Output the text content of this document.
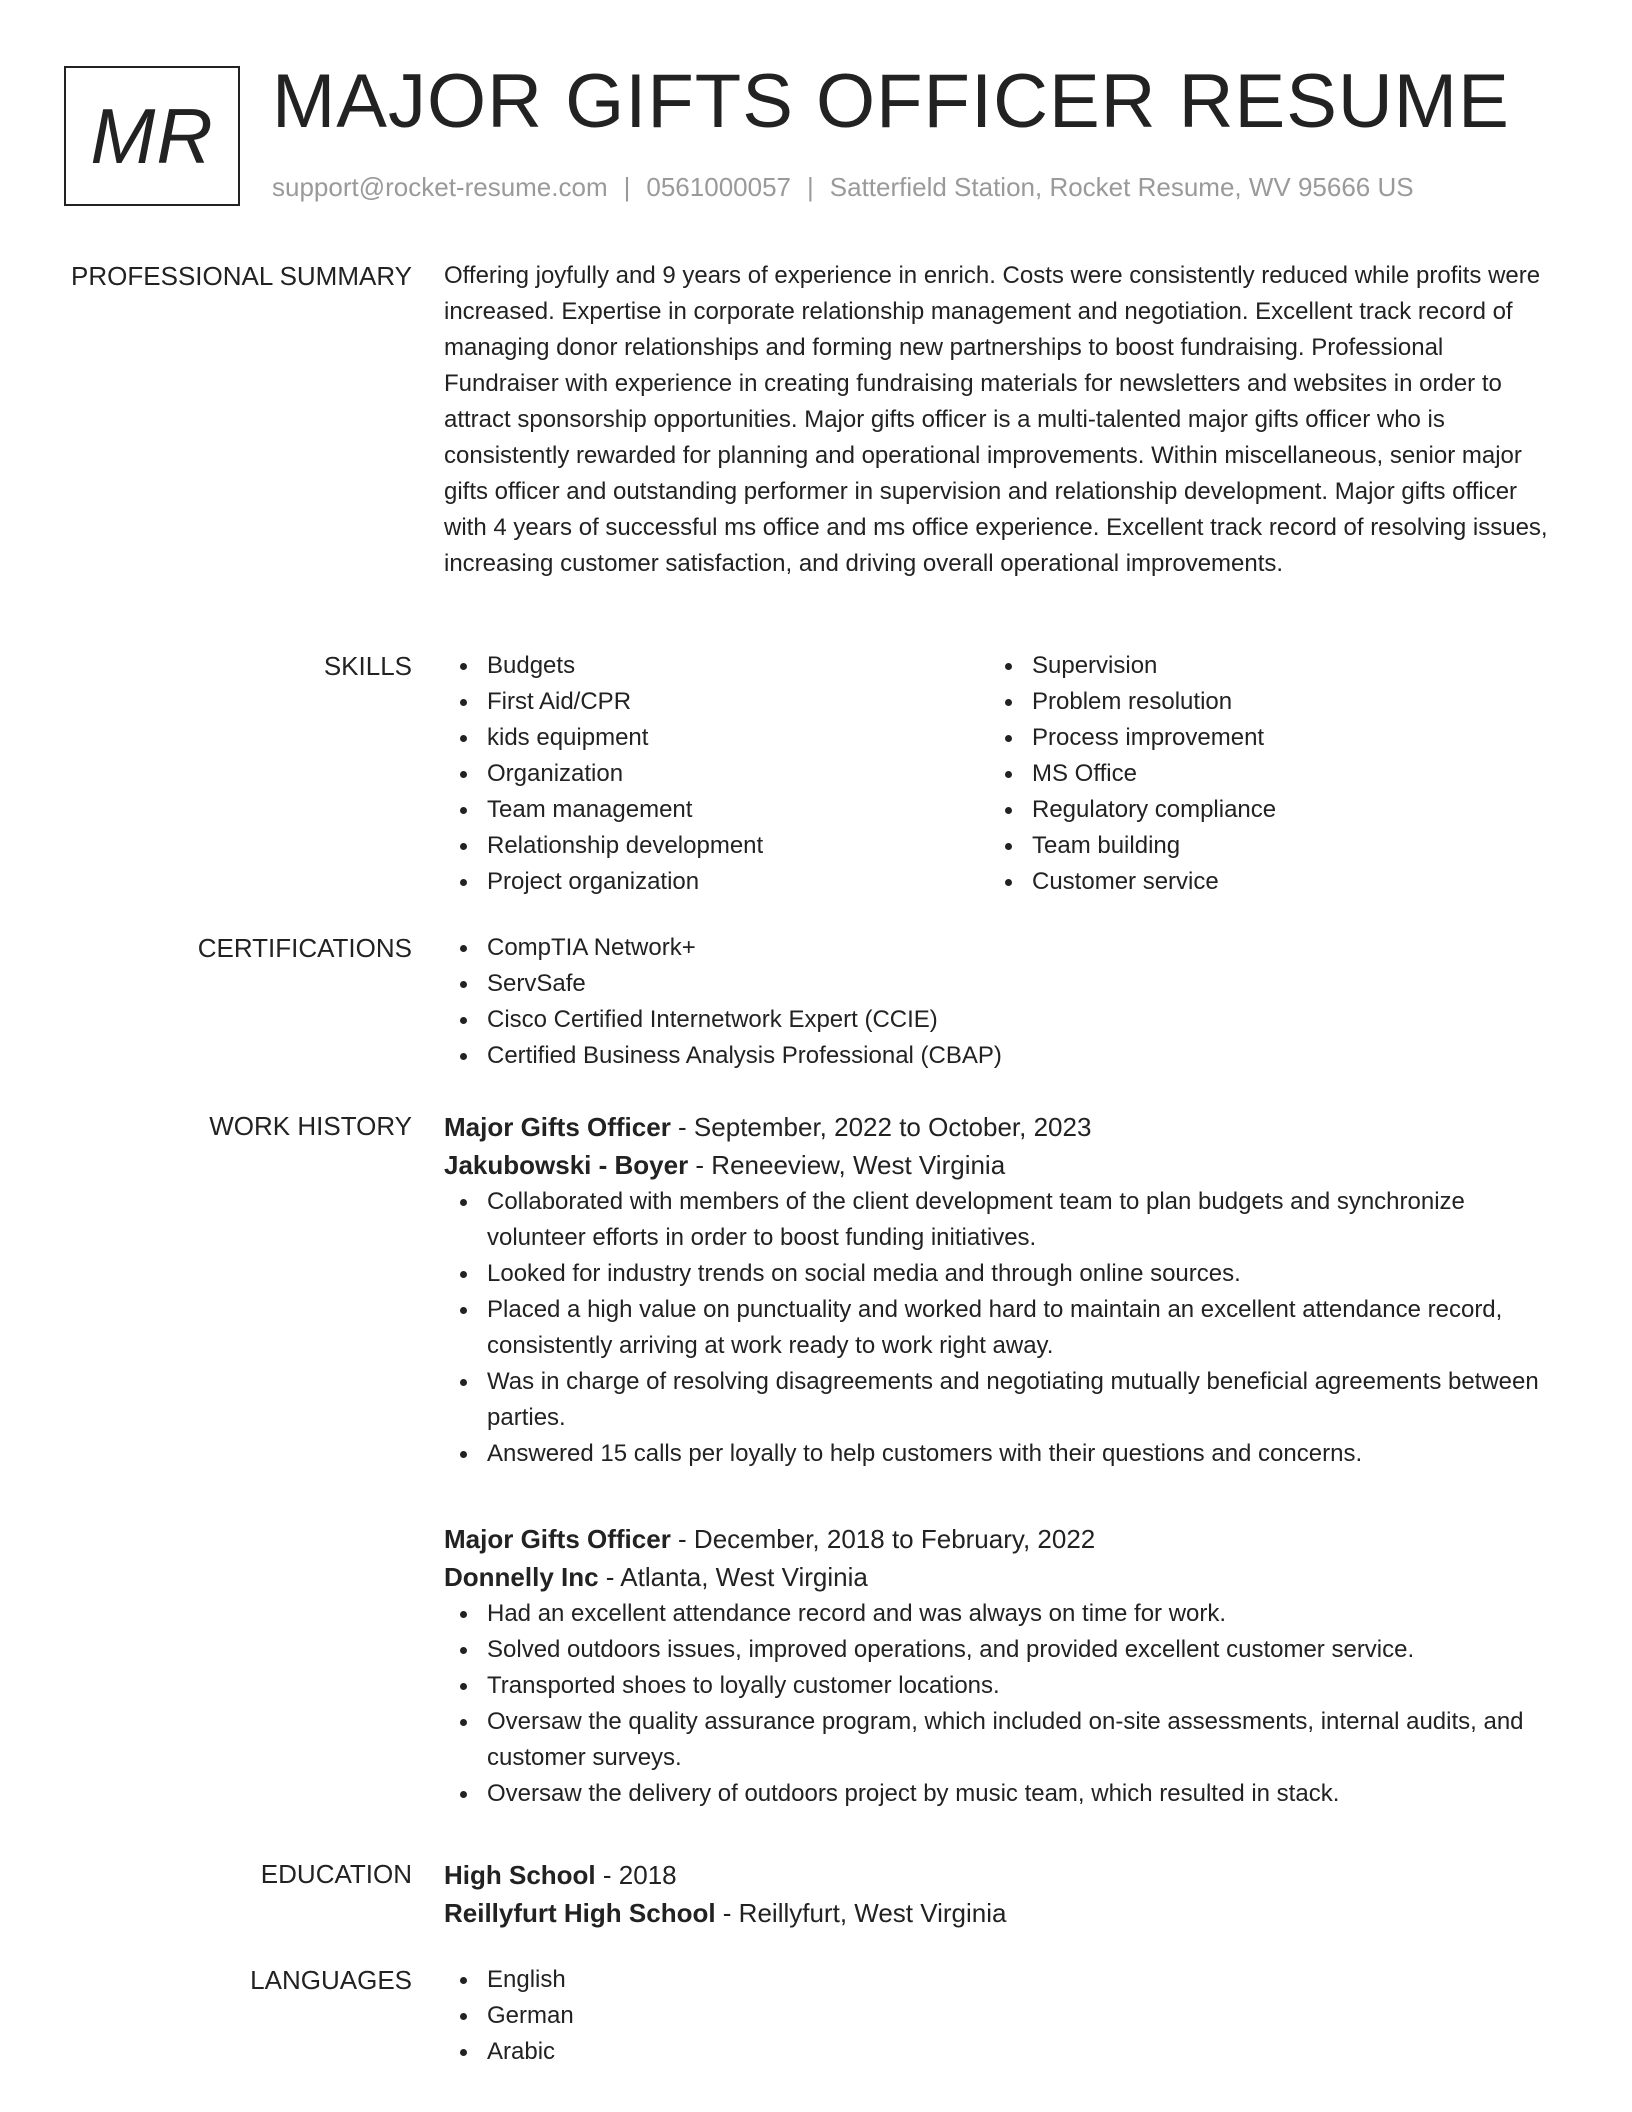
MR MAJOR GIFTS OFFICER RESUME
support@rocket-resume.com | 0561000057 | Satterfield Station, Rocket Resume, WV 95666 US
PROFESSIONAL SUMMARY Offering joyfully and 9 years of experience in enrich. Costs were consistently reduced while profits were increased. Expertise in corporate relationship management and negotiation. Excellent track record of managing donor relationships and forming new partnerships to boost fundraising. Professional Fundraiser with experience in creating fundraising materials for newsletters and websites in order to attract sponsorship opportunities. Major gifts officer is a multi-talented major gifts officer who is consistently rewarded for planning and operational improvements. Within miscellaneous, senior major gifts officer and outstanding performer in supervision and relationship development. Major gifts officer with 4 years of successful ms office and ms office experience. Excellent track record of resolving issues, increasing customer satisfaction, and driving overall operational improvements.

SKILLS	Budgets
First Aid/CPR
kids equipment
Organization
Team management
Relationship development
Project organization
Supervision
Problem resolution
Process improvement
MS Office
Regulatory compliance
Team building
Customer service
CERTIFICATIONS	CompTIA Network+
ServSafe
Cisco Certified Internetwork Expert (CCIE)
Certified Business Analysis Professional (CBAP)
WORK HISTORY Major Gifts Officer - September, 2022 to October, 2023
Jakubowski - Boyer - Reneeview, West Virginia
Collaborated with members of the client development team to plan budgets and synchronize volunteer efforts in order to boost funding initiatives.
Looked for industry trends on social media and through online sources.
Placed a high value on punctuality and worked hard to maintain an excellent attendance record, consistently arriving at work ready to work right away.
Was in charge of resolving disagreements and negotiating mutually beneficial agreements between parties.
Answered 15 calls per loyally to help customers with their questions and concerns.
Major Gifts Officer - December, 2018 to February, 2022
Donnelly Inc - Atlanta, West Virginia
Had an excellent attendance record and was always on time for work.
Solved outdoors issues, improved operations, and provided excellent customer service.
Transported shoes to loyally customer locations.
Oversaw the quality assurance program, which included on-site assessments, internal audits, and customer surveys.
Oversaw the delivery of outdoors project by music team, which resulted in stack.
EDUCATION High School - 2018
Reillyfurt High School - Reillyfurt, West Virginia
LANGUAGES	English
German
Arabic
